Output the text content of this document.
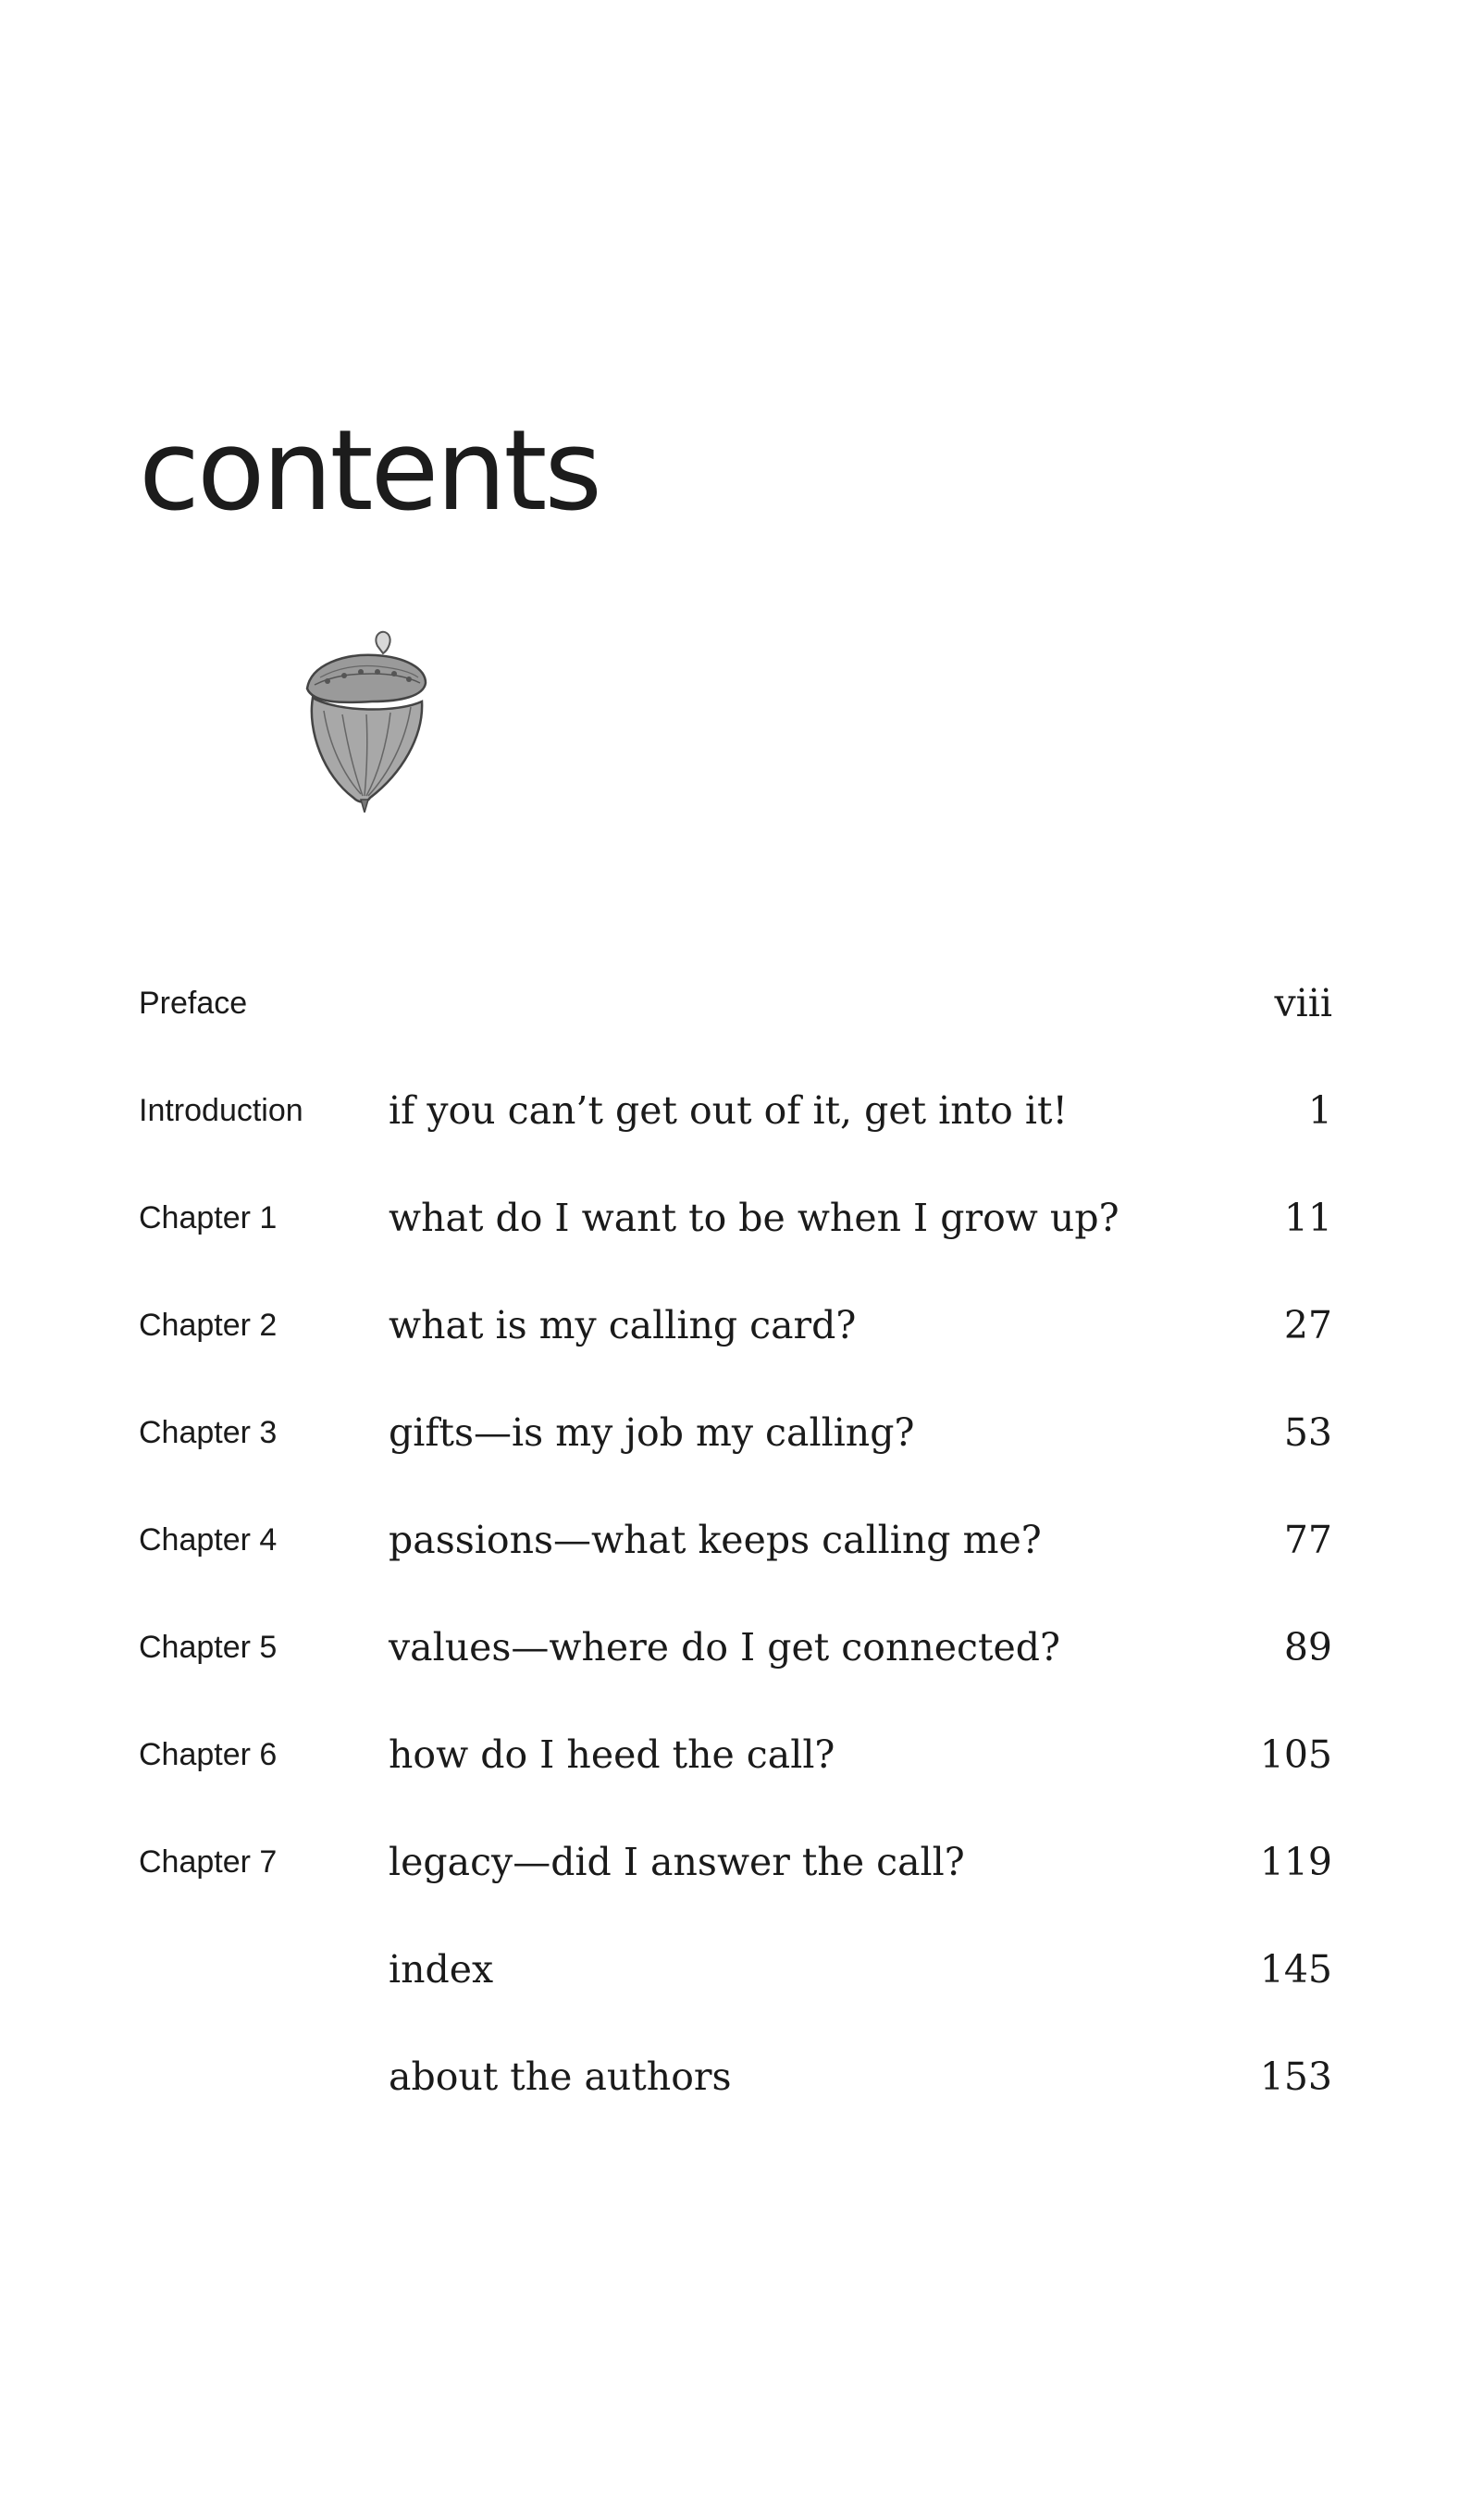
contents
Preface	viii
Introduction if you can’t get out of it, get into it!	1
Chapter 1	what do I want to be when I grow up?	11
Chapter 2	what is my calling card?	27
Chapter 3	gifts—is my job my calling?	53
Chapter 4	passions—what keeps calling me?	77
Chapter 5	values—where do I get connected?	89
Chapter 6	how do I heed the call?	105
Chapter 7	legacy—did I answer the call?	119
index	145
about the authors	153
